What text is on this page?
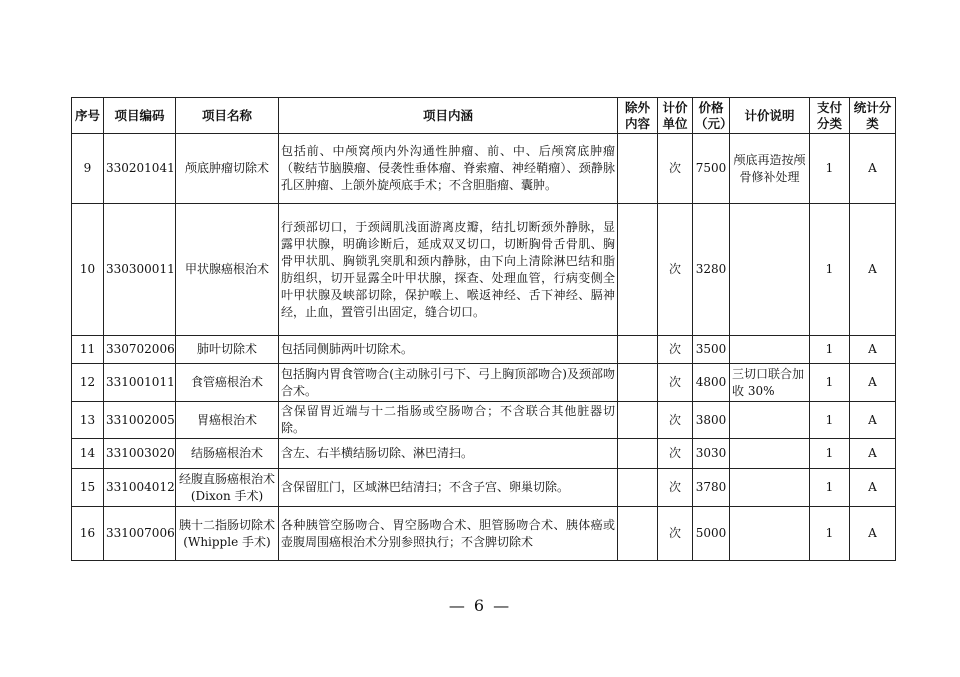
序号	项目编码	项目名称	项目内涵	除外内容	计价单位	价格（元）	计价说明	支付分类	统计分类
9	330201041	颅底肿瘤切除术	包括前、中颅窝颅内外沟通性肿瘤、前、中、后颅窝底肿瘤（鞍结节脑膜瘤、侵袭性垂体瘤、脊索瘤、神经鞘瘤）、颈静脉孔区肿瘤、上颌外旋颅底手术；不含胆脂瘤、囊肿。		次	7500	颅底再造按颅骨修补处理	1	A
10	330300011	甲状腺癌根治术	行颈部切口，于颈阔肌浅面游离皮瓣，结扎切断颈外静脉，显露甲状腺，明确诊断后，延成双叉切口，切断胸骨舌骨肌、胸骨甲状肌、胸锁乳突肌和颈内静脉，由下向上清除淋巴结和脂肪组织，切开显露全叶甲状腺，探查、处理血管，行病变侧全叶甲状腺及峡部切除，保护喉上、喉返神经、舌下神经、膈神经，止血，置管引出固定，缝合切口。		次	3280		1	A
11	330702006	肺叶切除术	包括同侧肺两叶切除术。		次	3500		1	A
12	331001011	食管癌根治术	包括胸内胃食管吻合(主动脉引弓下、弓上胸顶部吻合)及颈部吻合术。		次	4800	三切口联合加收 30%	1	A
13	331002005	胃癌根治术	含保留胃近端与十二指肠或空肠吻合；不含联合其他脏器切除。		次	3800		1	A
14	331003020	结肠癌根治术	含左、右半横结肠切除、淋巴清扫。		次	3030		1	A
15	331004012	经腹直肠癌根治术(Dixon 手术)	含保留肛门，区域淋巴结清扫；不含子宫、卵巢切除。		次	3780		1	A
16	331007006	胰十二指肠切除术(Whipple 手术)	各种胰管空肠吻合、胃空肠吻合术、胆管肠吻合术、胰体癌或壶腹周围癌根治术分别参照执行；不含脾切除术		次	5000		1	A
— 6 —
